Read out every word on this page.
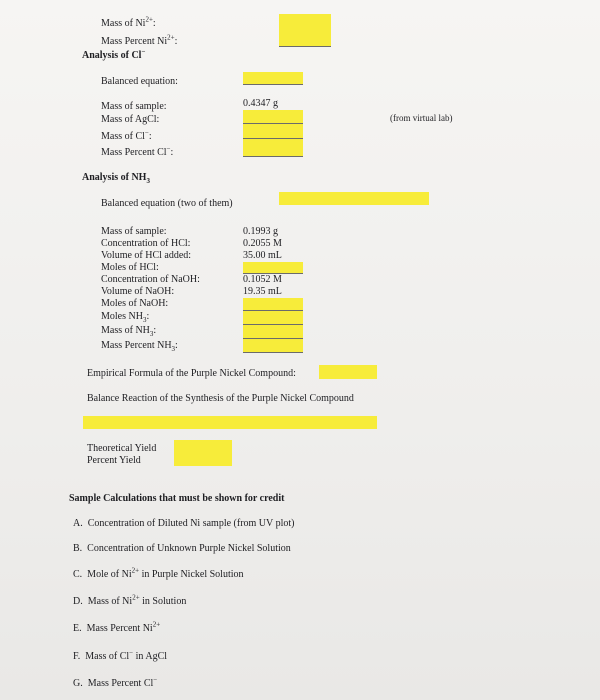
Mass of $Ni^{2+}$:
Mass Percent $Ni^{2+}$:
Analysis of Cl−
Balanced equation:
Mass of sample:	0.4347 g
Mass of AgCl:
Mass of Cl−:
Mass Percent Cl−:
(from virtual lab)
Analysis of $NH_3$
Balanced equation (two of them)
Mass of sample:
Concentration of HCl:
Volume of HCl added:
Moles of HCl:
Concentration of NaOH:
Volume of NaOH:
Moles of NaOH:
Moles $NH_3$:
Mass of $NH_3$:
Mass Percent $NH_3$:
0.1993 g
0.2055 M
35.00 mL
0.1052 M
19.35 mL
Empirical Formula of the Purple Nickel Compound:
Balance Reaction of the Synthesis of the Purple Nickel Compound
Theoretical Yield
Percent Yield
Sample Calculations that must be shown for credit
A. Concentration of Diluted Ni sample (from UV plot)
B. Concentration of Unknown Purple Nickel Solution
C. Mole of $Ni^{2+}$ in Purple Nickel Solution
D. Mass of $Ni^{2+}$ in Solution
E. Mass Percent $Ni^{2+}$
F. Mass of Cl− in AgCl
G. Mass Percent Cl−
